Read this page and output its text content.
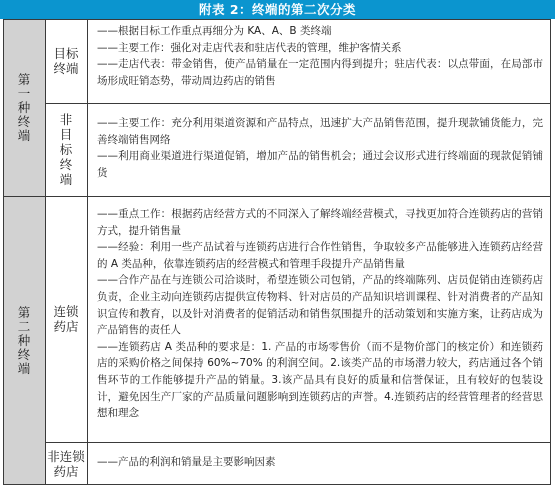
附表 2：终端的第二次分类
第一种终端
第二种终端
目标终端

——根据目标工作重点再细分为 KA、A、B 类终端

——主要工作：强化对走店代表和驻店代表的管理，维护客情关系

——走店代表：带金销售，使产品销量在一定范围内得到提升；驻店代表：以点带面，在局部市场形成旺销态势，带动周边药店的销售

非目标终端

——主要工作：充分利用渠道资源和产品特点，迅速扩大产品销售范围，提升现款铺货能力，完善终端销售网络

——利用商业渠道进行渠道促销，增加产品的销售机会；通过会议形式进行终端面的现款促销铺货

连锁药店

——重点工作：根据药店经营方式的不同深入了解终端经营模式，寻找更加符合连锁药店的营销方式，提升销售量

——经验：利用一些产品试着与连锁药店进行合作性销售，争取较多产品能够进入连锁药店经营的 A 类品种，依靠连锁药店的经营模式和管理手段提升产品销售量

——合作产品在与连锁公司洽谈时，希望连锁公司包销，产品的终端陈列、店员促销由连锁药店负责，企业主动向连锁药店提供宣传物料、针对店员的产品知识培训课程、针对消费者的产品知识宣传和教育，以及针对消费者的促销活动和销售氛围提升的活动策划和实施方案，让药店成为产品销售的责任人

——连锁药店 A 类品种的要求是：1. 产品的市场零售价（而不是物价部门的核定价）和连锁药店的采购价格之间保持 60%~70% 的利润空间。2.该类产品的市场潜力较大，药店通过各个销售环节的工作能够提升产品的销量。3.该产品具有良好的质量和信誉保证，且有较好的包装设计，避免因生产厂家的产品质量问题影响到连锁药店的声誉。4.连锁药店的经营管理者的经营思想和理念

非连锁药店

——产品的利润和销量是主要影响因素
